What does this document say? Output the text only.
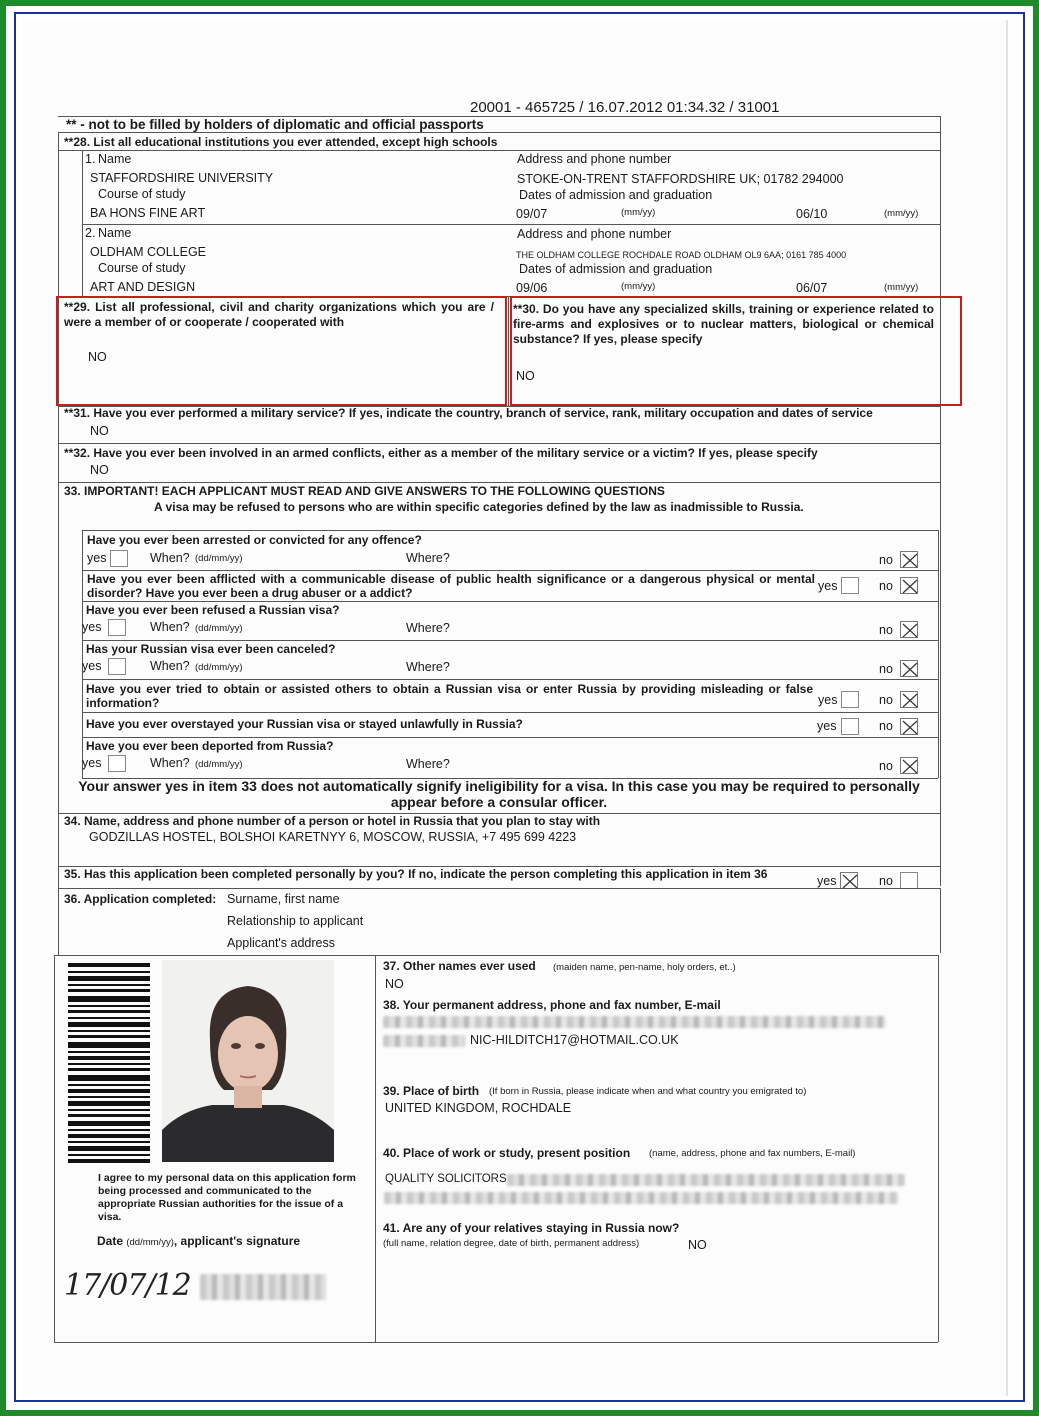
20001 - 465725 / 16.07.2012 01:34.32 / 31001
** - not to be filled by holders of diplomatic and official passports
**28. List all educational institutions you ever attended, except high schools
1. Name	Address and phone number
STAFFORDSHIRE UNIVERSITY	STOKE-ON-TRENT STAFFORDSHIRE UK; 01782 294000
Course of study	Dates of admission and graduation
BA HONS FINE ART	09/07	(mm/yy)	06/10	(mm/yy)
2. Name	Address and phone number
OLDHAM COLLEGE	THE OLDHAM COLLEGE ROCHDALE ROAD OLDHAM OL9 6AA; 0161 785 4000
Course of study	Dates of admission and graduation
ART AND DESIGN	09/06	(mm/yy)	06/07	(mm/yy)
**29. List all professional, civil and charity organizations which you are / were a member of or cooperate / cooperated with
NO
**30. Do you have any specialized skills, training or experience related to fire-arms and explosives or to nuclear matters, biological or chemical substance? If yes, please specify
NO
**31. Have you ever performed a military service? If yes, indicate the country, branch of service, rank, military occupation and dates of service
NO
**32. Have you ever been involved in an armed conflicts, either as a member of the military service or a victim? If yes, please specify
NO
33. IMPORTANT! EACH APPLICANT MUST READ AND GIVE ANSWERS TO THE FOLLOWING QUESTIONS
A visa may be refused to persons who are within specific categories defined by the law as inadmissible to Russia.
Have you ever been arrested or convicted for any offence?
yes	When? (dd/mm/yy)	Where?	no
Have you ever been afflicted with a communicable disease of public health significance or a dangerous physical or mental disorder? Have you ever been a drug abuser or a addict?	yes	no
Have you ever been refused a Russian visa?
yes	When? (dd/mm/yy)	Where?	no
Has your Russian visa ever been canceled?
yes	When? (dd/mm/yy)	Where?	no
Have you ever tried to obtain or assisted others to obtain a Russian visa or enter Russia by providing misleading or false information?	yes	no
Have you ever overstayed your Russian visa or stayed unlawfully in Russia?	yes	no
Have you ever been deported from Russia?
yes	When? (dd/mm/yy)	Where?	no
Your answer yes in item 33 does not automatically signify ineligibility for a visa. In this case you may be required to personally appear before a consular officer.
34. Name, address and phone number of a person or hotel in Russia that you plan to stay with
GODZILLAS HOSTEL, BOLSHOI KARETNYY 6, MOSCOW, RUSSIA, +7 495 699 4223
35. Has this application been completed personally by you? If no, indicate the person completing this application in item 36	yes	no
36. Application completed: Surname, first name
Relationship to applicant
Applicant's address
I agree to my personal data on this application form being processed and communicated to the appropriate Russian authorities for the issue of a visa.
Date (dd/mm/yy), applicant's signature
17/07/12
37. Other names ever used (maiden name, pen-name, holy orders, et..)
NO
38. Your permanent address, phone and fax number, E-mail
NIC-HILDITCH17@HOTMAIL.CO.UK
39. Place of birth (If born in Russia, please indicate when and what country you emigrated to)
UNITED KINGDOM, ROCHDALE
40. Place of work or study, present position (name, address, phone and fax numbers, E-mail)
QUALITY SOLICITORS
41. Are any of your relatives staying in Russia now?
(full name, relation degree, date of birth, permanent address)	NO
